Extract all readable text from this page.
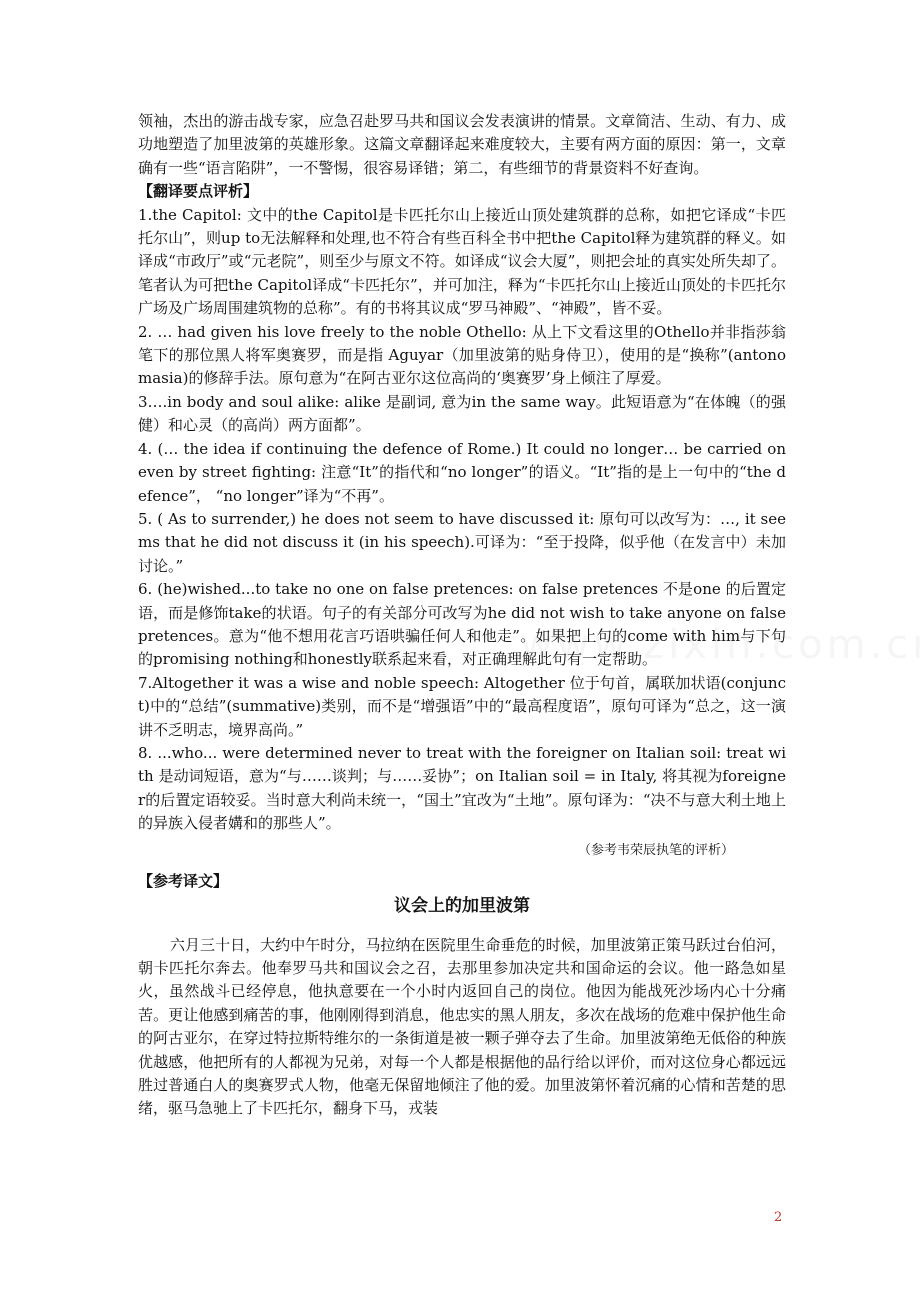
领袖，杰出的游击战专家，应急召赴罗马共和国议会发表演讲的情景。文章简洁、生动、有力、成功地塑造了加里波第的英雄形象。这篇文章翻译起来难度较大，主要有两方面的原因：第一，文章确有一些“语言陷阱”，一不警惕，很容易译错；第二，有些细节的背景资料不好查询。

【翻译要点评析】

1.the Capitol: 文中的the Capitol是卡匹托尔山上接近山顶处建筑群的总称，如把它译成“卡匹托尔山”，则up to无法解释和处理,也不符合有些百科全书中把the Capitol释为建筑群的释义。如译成“市政厅”或“元老院”，则至少与原文不符。如译成“议会大厦”，则把会址的真实处所失却了。笔者认为可把the Capitol译成“卡匹托尔”，并可加注，释为“卡匹托尔山上接近山顶处的卡匹托尔广场及广场周围建筑物的总称”。有的书将其议成“罗马神殿”、“神殿”，皆不妥。

2. … had given his love freely to the noble Othello: 从上下文看这里的Othello并非指莎翁笔下的那位黑人将军奥赛罗，而是指 Aguyar（加里波第的贴身侍卫），使用的是“换称”(antonomasia)的修辞手法。原句意为“在阿古亚尔这位高尚的‘奥赛罗’身上倾注了厚爱。

3….in body and soul alike: alike 是副词, 意为in the same way。此短语意为“在体魄（的强健）和心灵（的高尚）两方面都”。

4. (… the idea if continuing the defence of Rome.) It could no longer… be carried on even by street fighting: 注意“It”的指代和“no longer”的语义。“It”指的是上一句中的“the defence”， “no longer”译为“不再”。

5. ( As to surrender,) he does not seem to have discussed it: 原句可以改写为：…, it seems that he did not discuss it (in his speech).可译为：“至于投降，似乎他（在发言中）未加讨论。”

6. (he)wished...to take no one on false pretences: on false pretences 不是one 的后置定语，而是修饰take的状语。句子的有关部分可改写为he did not wish to take anyone on false pretences。意为“他不想用花言巧语哄骗任何人和他走”。如果把上句的come with him与下句的promising nothing和honestly联系起来看，对正确理解此句有一定帮助。

7.Altogether it was a wise and noble speech: Altogether 位于句首，属联加状语(conjunct)中的“总结”(summative)类别，而不是“增强语”中的“最高程度语”，原句可译为“总之，这一演讲不乏明志，境界高尚。”

8. ...who... were determined never to treat with the foreigner on Italian soil: treat with 是动词短语，意为“与……谈判；与……妥协”；on Italian soil = in Italy, 将其视为foreigner的后置定语较妥。当时意大利尚未统一，“国土”宜改为“土地”。原句译为：“决不与意大利土地上的异族入侵者媾和的那些人”。

（参考韦荣辰执笔的评析）

【参考译文】

议会上的加里波第

六月三十日，大约中午时分，马拉纳在医院里生命垂危的时候，加里波第正策马跃过台伯河，朝卡匹托尔奔去。他奉罗马共和国议会之召，去那里参加决定共和国命运的会议。他一路急如星火，虽然战斗已经停息，他执意要在一个小时内返回自己的岗位。他因为能战死沙场内心十分痛苦。更让他感到痛苦的事，他刚刚得到消息，他忠实的黑人朋友，多次在战场的危难中保护他生命的阿古亚尔，在穿过特拉斯特维尔的一条街道是被一颗子弹夺去了生命。加里波第绝无低俗的种族优越感，他把所有的人都视为兄弟，对每一个人都是根据他的品行给以评价，而对这位身心都远远胜过普通白人的奥赛罗式人物，他毫无保留地倾注了他的爱。加里波第怀着沉痛的心情和苦楚的思绪，驱马急驰上了卡匹托尔，翻身下马，戎装

2
